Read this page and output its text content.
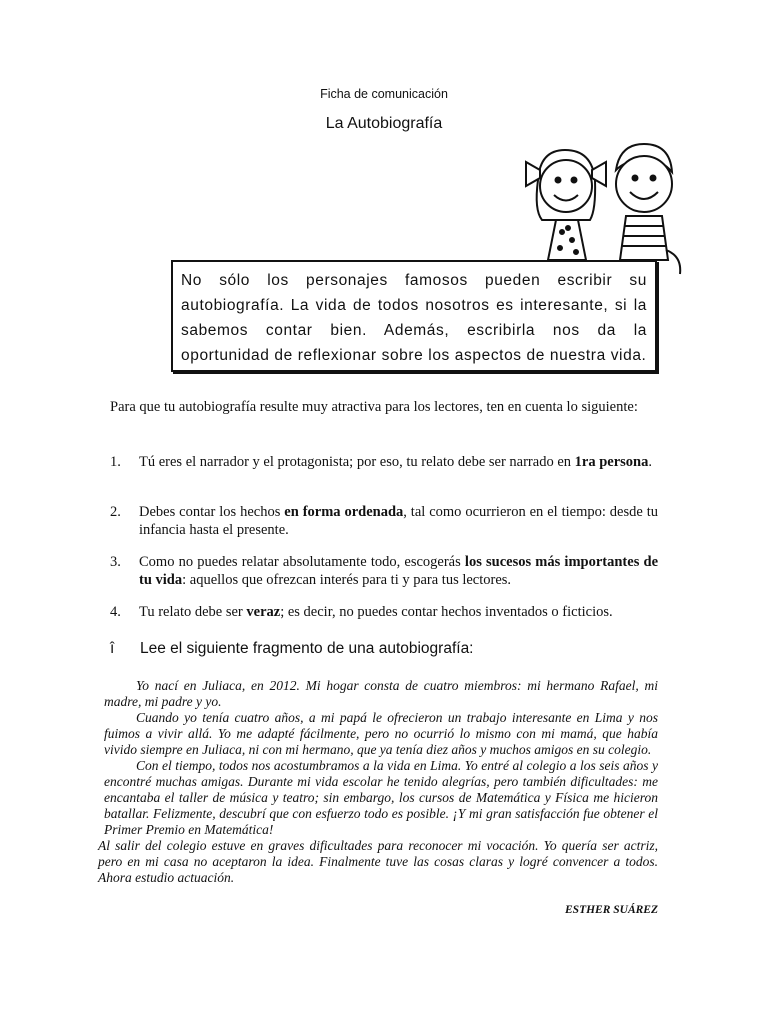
Ficha de comunicación
La Autobiografía

No sólo los personajes famosos pueden escribir su autobiografía. La vida de todos nosotros es interesante, si la sabemos contar bien. Además, escribirla nos da la oportunidad de reflexionar sobre los aspectos de nuestra vida.

Para que tu autobiografía resulte muy atractiva para los lectores, ten en cuenta lo siguiente:

1.	Tú eres el narrador y el protagonista; por eso, tu relato debe ser narrado en 1ra persona.
2.	Debes contar los hechos en forma ordenada, tal como ocurrieron en el tiempo: desde tu infancia hasta el presente.
3.	Como no puedes relatar absolutamente todo, escogerás los sucesos más importantes de tu vida: aquellos que ofrezcan interés para ti y para tus lectores.
4.	Tu relato debe ser veraz; es decir, no puedes contar hechos inventados o ficticios.
î Lee el siguiente fragmento de una autobiografía:

Yo nací en Juliaca, en 2012. Mi hogar consta de cuatro miembros: mi hermano Rafael, mi madre, mi padre y yo.

Cuando yo tenía cuatro años, a mi papá le ofrecieron un trabajo interesante en Lima y nos fuimos a vivir allá. Yo me adapté fácilmente, pero no ocurrió lo mismo con mi mamá, que había vivido siempre en Juliaca, ni con mi hermano, que ya tenía diez años y muchos amigos en su colegio.

Con el tiempo, todos nos acostumbramos a la vida en Lima. Yo entré al colegio a los seis años y encontré muchas amigas. Durante mi vida escolar he tenido alegrías, pero también dificultades: me encantaba el taller de música y teatro; sin embargo, los cursos de Matemática y Física me hicieron batallar. Felizmente, descubrí que con esfuerzo todo es posible. ¡Y mi gran satisfacción fue obtener el Primer Premio en Matemática!

Al salir del colegio estuve en graves dificultades para reconocer mi vocación. Yo quería ser actriz, pero en mi casa no aceptaron la idea. Finalmente tuve las cosas claras y logré convencer a todos. Ahora estudio actuación.

ESTHER SUÁREZ
